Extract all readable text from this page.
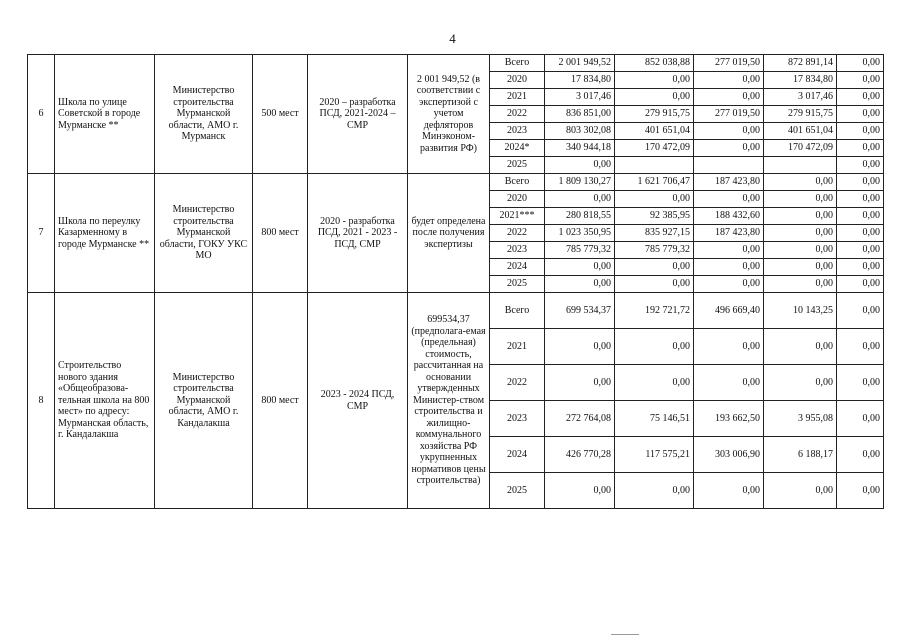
4
6	Школа по улице Советской в городе Мурманске **	Министерство строительства Мурманской области, АМО г. Мурманск	500 мест	2020 – разработка ПСД, 2021-2024 – СМР	2 001 949,52 (в соответствии с экспертизой с учетом дефляторов Минэконом-развития РФ)	Всего	2 001 949,52	852 038,88	277 019,50	872 891,14	0,00
						2020	17 834,80	0,00	0,00	17 834,80	0,00
						2021	3 017,46	0,00	0,00	3 017,46	0,00
						2022	836 851,00	279 915,75	277 019,50	279 915,75	0,00
						2023	803 302,08	401 651,04	0,00	401 651,04	0,00
						2024*	340 944,18	170 472,09	0,00	170 472,09	0,00
						2025	0,00				0,00
7	Школа по переулку Казарменному в городе Мурманске **	Министерство строительства Мурманской области, ГОКУ УКС МО	800 мест	2020 - разработка ПСД, 2021 - 2023 - ПСД, СМР	будет определена после получения экспертизы	Всего	1 809 130,27	1 621 706,47	187 423,80	0,00	0,00
						2020	0,00	0,00	0,00	0,00	0,00
						2021***	280 818,55	92 385,95	188 432,60	0,00	0,00
						2022	1 023 350,95	835 927,15	187 423,80	0,00	0,00
						2023	785 779,32	785 779,32	0,00	0,00	0,00
						2024	0,00	0,00	0,00	0,00	0,00
						2025	0,00	0,00	0,00	0,00	0,00
8	Строительство нового здания «Общеобразова-тельная школа на 800 мест» по адресу: Мурманская область, г. Кандалакша	Министерство строительства Мурманской области, АМО г. Кандалакша	800 мест	2023 - 2024 ПСД, СМР	699534,37 (предполага-емая (предельная) стоимость, рассчитанная на основании утвержденных Министер-ством строительства и жилищно-коммунального хозяйства РФ укрупненных нормативов цены строительства)	Всего	699 534,37	192 721,72	496 669,40	10 143,25	0,00
						2021	0,00	0,00	0,00	0,00	0,00
						2022	0,00	0,00	0,00	0,00	0,00
						2023	272 764,08	75 146,51	193 662,50	3 955,08	0,00
						2024	426 770,28	117 575,21	303 006,90	6 188,17	0,00
						2025	0,00	0,00	0,00	0,00	0,00
